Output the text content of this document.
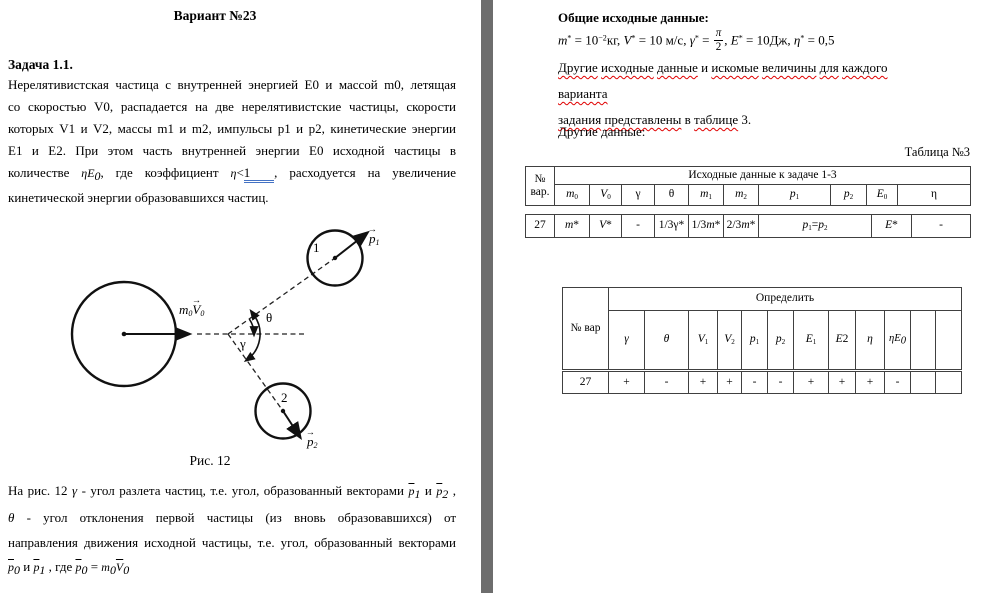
Вариант №23
Задача 1.1.
Нерелятивистская частица с внутренней энергией Е0 и массой m0, летящая
со скоростью V0, распадается на две нерелятивистские частицы, скорости
которых V1 и V2, массы m1 и m2, импульсы p1 и p2, кинетические энергии
Е1 и Е2. При этом часть внутренней энергии Е0 исходной частицы в
количестве ηЕ0, где коэффициент η<1  , расходуется на увеличение
кинетической энергии образовавшихся частиц.
m0V →0
p →1
p →2
1
2
θ
γ
Рис. 12
На рис. 12 γ - угол разлета частиц, т.е. угол, образованный векторами $\overline{p}1$ и $\overline{p}2$ ,
θ - угол отклонения первой частицы (из вновь образовавшихся) от
направления движения исходной частицы, т.е. угол, образованный векторами
$\overline{p}0$ и $\overline{p}1$ , где $\overline{p}0 = m0\overline{V}0$
Общие исходные данные:
$m^* = 10^{-2}кг$, V* = 10 м/с, $\gamma^* = \frac{\pi}{2}$ , E* = 10Дж, η* = 0,5
Другие исходные данные и искомые величины для каждого варианта
задания представлены в таблице 3.
Другие данные:
Таблица №3
№
вар.	Исходные данные к задаче 1-3									
	m0	V0	γ	θ	m1	m2	p1	p2	E0	η
27	m*	V*	-	1/3γ*	1/3m*	2/3m*	p1=p2	E*	-
№ вар	Определить											
	γ	θ	V1	V2	p1	p2	E1	E2	η	ηE0		
27	+	-	+	+	-	-	+	+	+	-		
